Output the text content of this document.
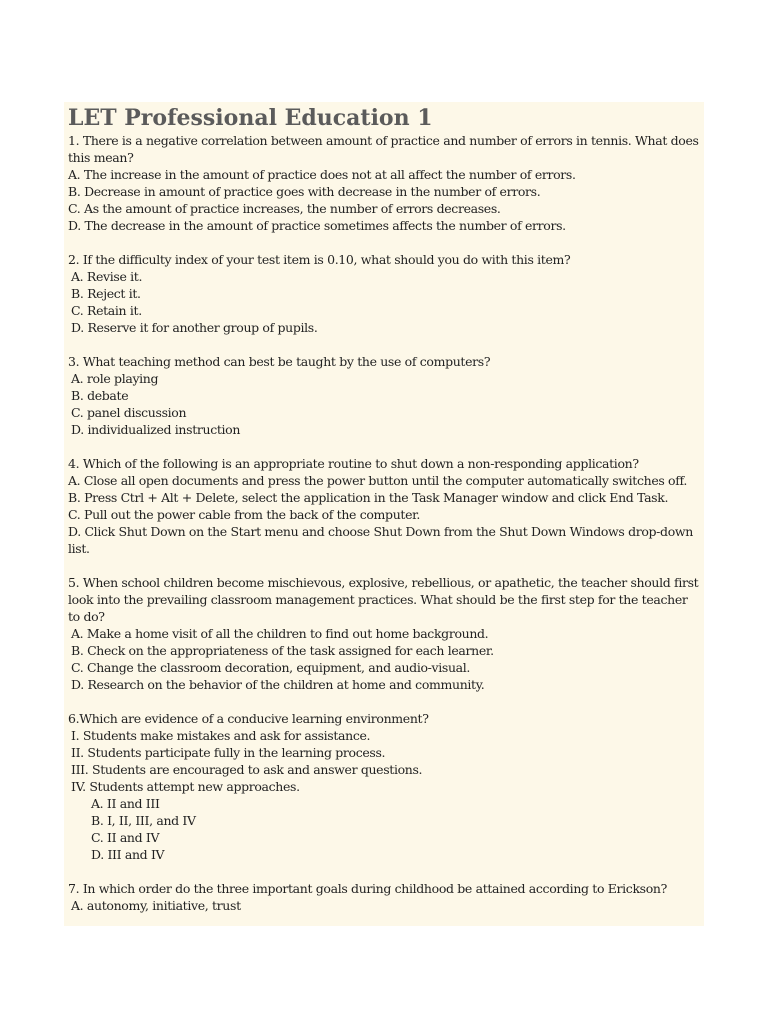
LET Professional Education 1

1. There is a negative correlation between amount of practice and number of errors in tennis. What does this mean?

A. The increase in the amount of practice does not at all affect the number of errors.
B. Decrease in amount of practice goes with decrease in the number of errors.
C. As the amount of practice increases, the number of errors decreases.
D. The decrease in the amount of practice sometimes affects the number of errors.

2. If the difficulty index of your test item is 0.10, what should you do with this item?

A. Revise it.
B. Reject it.
C. Retain it.
D. Reserve it for another group of pupils.

3. What teaching method can best be taught by the use of computers?

A. role playing
B. debate
C. panel discussion
D. individualized instruction

4. Which of the following is an appropriate routine to shut down a non-responding application?

A. Close all open documents and press the power button until the computer automatically switches off.
B. Press Ctrl + Alt + Delete, select the application in the Task Manager window and click End Task.
C. Pull out the power cable from the back of the computer.
D. Click Shut Down on the Start menu and choose Shut Down from the Shut Down Windows drop-down list.

5. When school children become mischievous, explosive, rebellious, or apathetic, the teacher should first look into the prevailing classroom management practices. What should be the first step for the teacher to do?

A. Make a home visit of all the children to find out home background.
B. Check on the appropriateness of the task assigned for each learner.
C. Change the classroom decoration, equipment, and audio-visual.
D. Research on the behavior of the children at home and community.

6.Which are evidence of a conducive learning environment?

I. Students make mistakes and ask for assistance.
II. Students participate fully in the learning process.
III. Students are encouraged to ask and answer questions.
IV. Students attempt new approaches.
A. II and III
B. I, II, III, and IV
C. II and IV
D. III and IV

7. In which order do the three important goals during childhood be attained according to Erickson?

A. autonomy, initiative, trust
